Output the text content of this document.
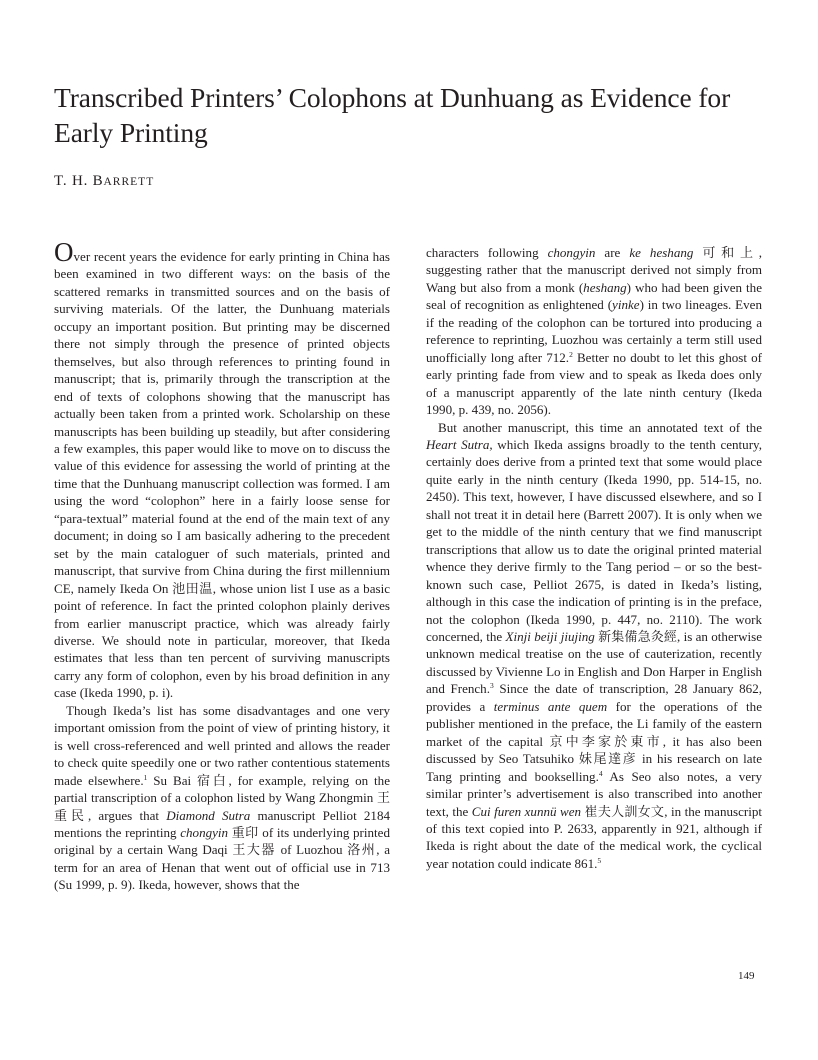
Transcribed Printers’ Colophons at Dunhuang as Evidence for Early Printing
T. H. BARRETT

Over recent years the evidence for early printing in China has been examined in two different ways: on the basis of the scattered remarks in transmitted sources and on the basis of surviving materials. Of the latter, the Dunhuang materials occupy an important position. But printing may be discerned there not simply through the presence of printed objects themselves, but also through references to printing found in manuscript; that is, primarily through the transcription at the end of texts of colophons showing that the manuscript has actually been taken from a printed work. Scholarship on these manuscripts has been building up steadily, but after considering a few examples, this paper would like to move on to discuss the value of this evidence for assessing the world of printing at the time that the Dunhuang manuscript collection was formed. I am using the word “colophon” here in a fairly loose sense for “para-textual” material found at the end of the main text of any document; in doing so I am basically adhering to the precedent set by the main cataloguer of such materials, printed and manuscript, that survive from China during the first millennium CE, namely Ikeda On 池田温, whose union list I use as a basic point of reference. In fact the printed colophon plainly derives from earlier manuscript practice, which was already fairly diverse. We should note in particular, moreover, that Ikeda estimates that less than ten percent of surviving manuscripts carry any form of colophon, even by his broad definition in any case (Ikeda 1990, p. i).

Though Ikeda’s list has some disadvantages and one very important omission from the point of view of printing history, it is well cross-referenced and well printed and allows the reader to check quite speedily one or two rather contentious statements made elsewhere.$^1$ Su Bai 宿白, for example, relying on the partial transcription of a colophon listed by Wang Zhongmin 王重民, argues that Diamond Sutra manuscript Pelliot 2184 mentions the reprinting chongyin 重印 of its underlying printed original by a certain Wang Daqi 王大器 of Luozhou 洛州, a term for an area of Henan that went out of official use in 713 (Su 1999, p. 9). Ikeda, however, shows that the

characters following chongyin are ke heshang 可和上, suggesting rather that the manuscript derived not simply from Wang but also from a monk (heshang) who had been given the seal of recognition as enlightened (yinke) in two lineages. Even if the reading of the colophon can be tortured into producing a reference to reprinting, Luozhou was certainly a term still used unofficially long after 712.$^2$ Better no doubt to let this ghost of early printing fade from view and to speak as Ikeda does only of a manuscript apparently of the late ninth century (Ikeda 1990, p. 439, no. 2056).

But another manuscript, this time an annotated text of the Heart Sutra, which Ikeda assigns broadly to the tenth century, certainly does derive from a printed text that some would place quite early in the ninth century (Ikeda 1990, pp. 514-15, no. 2450). This text, however, I have discussed elsewhere, and so I shall not treat it in detail here (Barrett 2007). It is only when we get to the middle of the ninth century that we find manuscript transcriptions that allow us to date the original printed material whence they derive firmly to the Tang period – or so the best-known such case, Pelliot 2675, is dated in Ikeda’s listing, although in this case the indication of printing is in the preface, not the colophon (Ikeda 1990, p. 447, no. 2110). The work concerned, the Xinji beiji jiujing 新集備急灸經, is an otherwise unknown medical treatise on the use of cauterization, recently discussed by Vivienne Lo in English and Don Harper in English and French.$^3$ Since the date of transcription, 28 January 862, provides a terminus ante quem for the operations of the publisher mentioned in the preface, the Li family of the eastern market of the capital 京中李家於東市, it has also been discussed by Seo Tatsuhiko 妹尾達彦 in his research on late Tang printing and bookselling.$^4$ As Seo also notes, a very similar printer’s advertisement is also transcribed into another text, the Cui furen xunnü wen 崔夫人訓女文, in the manuscript of this text copied into P. 2633, apparently in 921, although if Ikeda is right about the date of the medical work, the cyclical year notation could indicate 861.$^5$

149
